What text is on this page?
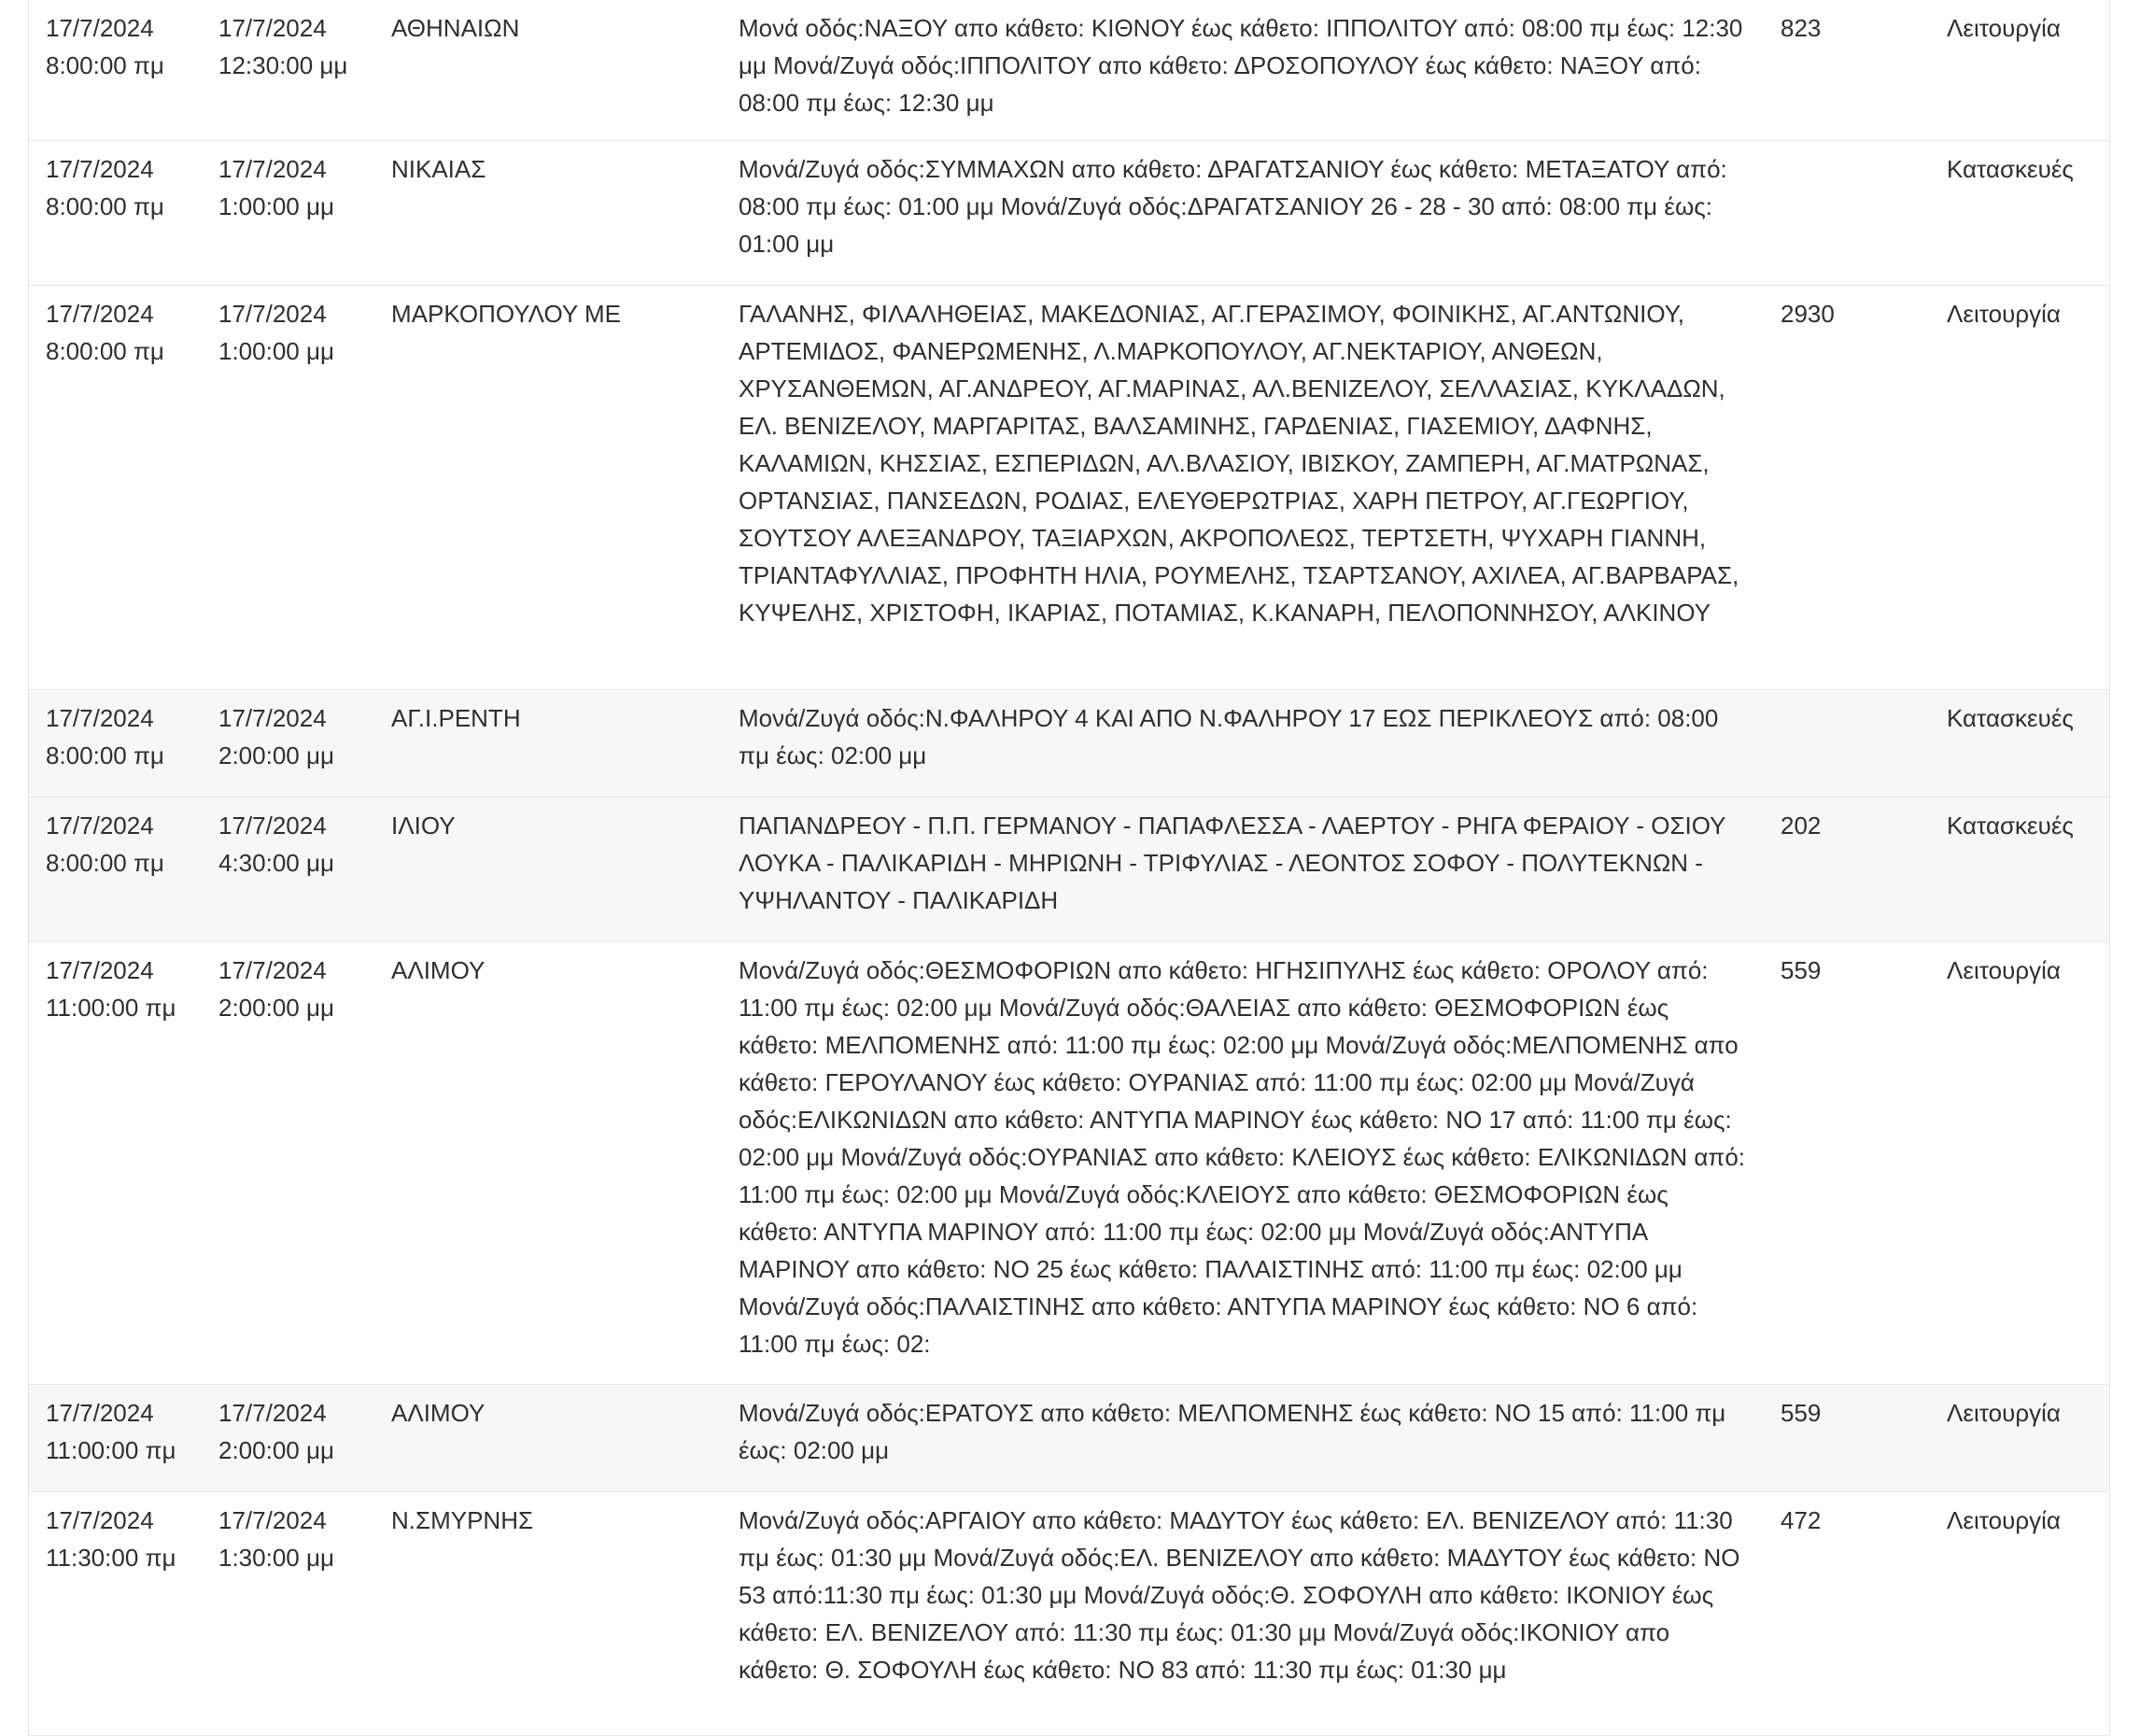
17/7/2024
8:00:00 πμ	17/7/2024
12:30:00 μμ	ΑΘΗΝΑΙΩΝ	Μονά οδός:ΝΑΞΟΥ απο κάθετο: ΚΙΘΝΟΥ έως κάθετο: ΙΠΠΟΛΙΤΟΥ από: 08:00 πμ έως: 12:30 μμ Μονά/Ζυγά οδός:ΙΠΠΟΛΙΤΟΥ απο κάθετο: ΔΡΟΣΟΠΟΥΛΟΥ έως κάθετο: ΝΑΞΟΥ από: 08:00 πμ έως: 12:30 μμ	823	Λειτουργία

17/7/2024
8:00:00 πμ	17/7/2024
1:00:00 μμ	ΝΙΚΑΙΑΣ	Μονά/Ζυγά οδός:ΣΥΜΜΑΧΩΝ απο κάθετο: ΔΡΑΓΑΤΣΑΝΙΟΥ έως κάθετο: ΜΕΤΑΞΑΤΟΥ από: 08:00 πμ έως: 01:00 μμ Μονά/Ζυγά οδός:ΔΡΑΓΑΤΣΑΝΙΟΥ 26 - 28 - 30 από: 08:00 πμ έως: 01:00 μμ		Κατασκευές

17/7/2024
8:00:00 πμ	17/7/2024
1:00:00 μμ	ΜΑΡΚΟΠΟΥΛΟΥ ΜΕ	ΓΑΛΑΝΗΣ, ΦΙΛΑΛΗΘΕΙΑΣ, ΜΑΚΕΔΟΝΙΑΣ, ΑΓ.ΓΕΡΑΣΙΜΟΥ, ΦΟΙΝΙΚΗΣ, ΑΓ.ΑΝΤΩΝΙΟΥ, ΑΡΤΕΜΙΔΟΣ, ΦΑΝΕΡΩΜΕΝΗΣ, Λ.ΜΑΡΚΟΠΟΥΛΟΥ, ΑΓ.ΝΕΚΤΑΡΙΟΥ, ΑΝΘΕΩΝ, ΧΡΥΣΑΝΘΕΜΩΝ, ΑΓ.ΑΝΔΡΕΟΥ, ΑΓ.ΜΑΡΙΝΑΣ, ΑΛ.ΒΕΝΙΖΕΛΟΥ, ΣΕΛΛΑΣΙΑΣ, ΚΥΚΛΑΔΩΝ, ΕΛ. ΒΕΝΙΖΕΛΟΥ, ΜΑΡΓΑΡΙΤΑΣ, ΒΑΛΣΑΜΙΝΗΣ, ΓΑΡΔΕΝΙΑΣ, ΓΙΑΣΕΜΙΟΥ, ΔΑΦΝΗΣ, ΚΑΛΑΜΙΩΝ, ΚΗΣΣΙΑΣ, ΕΣΠΕΡΙΔΩΝ, ΑΛ.ΒΛΑΣΙΟΥ, ΙΒΙΣΚΟΥ, ΖΑΜΠΕΡΗ, ΑΓ.ΜΑΤΡΩΝΑΣ, ΟΡΤΑΝΣΙΑΣ, ΠΑΝΣΕΔΩΝ, ΡΟΔΙΑΣ, ΕΛΕΥΘΕΡΩΤΡΙΑΣ, ΧΑΡΗ ΠΕΤΡΟΥ, ΑΓ.ΓΕΩΡΓΙΟΥ, ΣΟΥΤΣΟΥ ΑΛΕΞΑΝΔΡΟΥ, ΤΑΞΙΑΡΧΩΝ, ΑΚΡΟΠΟΛΕΩΣ, ΤΕΡΤΣΕΤΗ, ΨΥΧΑΡΗ ΓΙΑΝΝΗ, ΤΡΙΑΝΤΑΦΥΛΛΙΑΣ, ΠΡΟΦΗΤΗ ΗΛΙΑ, ΡΟΥΜΕΛΗΣ, ΤΣΑΡΤΣΑΝΟΥ, ΑΧΙΛΕΑ, ΑΓ.ΒΑΡΒΑΡΑΣ, ΚΥΨΕΛΗΣ, ΧΡΙΣΤΟΦΗ, ΙΚΑΡΙΑΣ, ΠΟΤΑΜΙΑΣ, Κ.ΚΑΝΑΡΗ, ΠΕΛΟΠΟΝΝΗΣΟΥ, ΑΛΚΙΝΟΥ	2930	Λειτουργία

17/7/2024
8:00:00 πμ	17/7/2024
2:00:00 μμ	ΑΓ.Ι.ΡΕΝΤΗ	Μονά/Ζυγά οδός:Ν.ΦΑΛΗΡΟΥ 4 ΚΑΙ ΑΠΟ Ν.ΦΑΛΗΡΟΥ 17 ΕΩΣ ΠΕΡΙΚΛΕΟΥΣ από: 08:00 πμ έως: 02:00 μμ		Κατασκευές

17/7/2024
8:00:00 πμ	17/7/2024
4:30:00 μμ	ΙΛΙΟΥ	ΠΑΠΑΝΔΡΕΟΥ - Π.Π. ΓΕΡΜΑΝΟΥ - ΠΑΠΑΦΛΕΣΣΑ - ΛΑΕΡΤΟΥ - ΡΗΓΑ ΦΕΡΑΙΟΥ - ΟΣΙΟΥ ΛΟΥΚΑ - ΠΑΛΙΚΑΡΙΔΗ - ΜΗΡΙΩΝΗ - ΤΡΙΦΥΛΙΑΣ - ΛΕΟΝΤΟΣ ΣΟΦΟΥ - ΠΟΛΥΤΕΚΝΩΝ - ΥΨΗΛΑΝΤΟΥ - ΠΑΛΙΚΑΡΙΔΗ	202	Κατασκευές

17/7/2024
11:00:00 πμ	17/7/2024
2:00:00 μμ	ΑΛΙΜΟΥ	Μονά/Ζυγά οδός:ΘΕΣΜΟΦΟΡΙΩΝ απο κάθετο: ΗΓΗΣΙΠΥΛΗΣ έως κάθετο: ΟΡΟΛΟΥ από: 11:00 πμ έως: 02:00 μμ Μονά/Ζυγά οδός:ΘΑΛΕΙΑΣ απο κάθετο: ΘΕΣΜΟΦΟΡΙΩΝ έως κάθετο: ΜΕΛΠΟΜΕΝΗΣ από: 11:00 πμ έως: 02:00 μμ Μονά/Ζυγά οδός:ΜΕΛΠΟΜΕΝΗΣ απο κάθετο: ΓΕΡΟΥΛΑΝΟΥ έως κάθετο: ΟΥΡΑΝΙΑΣ από: 11:00 πμ έως: 02:00 μμ Μονά/Ζυγά οδός:ΕΛΙΚΩΝΙΔΩΝ απο κάθετο: ΑΝΤΥΠΑ ΜΑΡΙΝΟΥ έως κάθετο: ΝΟ 17 από: 11:00 πμ έως: 02:00 μμ Μονά/Ζυγά οδός:ΟΥΡΑΝΙΑΣ απο κάθετο: ΚΛΕΙΟΥΣ έως κάθετο: ΕΛΙΚΩΝΙΔΩΝ από: 11:00 πμ έως: 02:00 μμ Μονά/Ζυγά οδός:ΚΛΕΙΟΥΣ απο κάθετο: ΘΕΣΜΟΦΟΡΙΩΝ έως κάθετο: ΑΝΤΥΠΑ ΜΑΡΙΝΟΥ από: 11:00 πμ έως: 02:00 μμ Μονά/Ζυγά οδός:ΑΝΤΥΠΑ ΜΑΡΙΝΟΥ απο κάθετο: ΝΟ 25 έως κάθετο: ΠΑΛΑΙΣΤΙΝΗΣ από: 11:00 πμ έως: 02:00 μμ Μονά/Ζυγά οδός:ΠΑΛΑΙΣΤΙΝΗΣ απο κάθετο: ΑΝΤΥΠΑ ΜΑΡΙΝΟΥ έως κάθετο: ΝΟ 6 από: 11:00 πμ έως: 02:	559	Λειτουργία

17/7/2024
11:00:00 πμ	17/7/2024
2:00:00 μμ	ΑΛΙΜΟΥ	Μονά/Ζυγά οδός:ΕΡΑΤΟΥΣ απο κάθετο: ΜΕΛΠΟΜΕΝΗΣ έως κάθετο: ΝΟ 15 από: 11:00 πμ έως: 02:00 μμ	559	Λειτουργία

17/7/2024
11:30:00 πμ	17/7/2024
1:30:00 μμ	Ν.ΣΜΥΡΝΗΣ	Μονά/Ζυγά οδός:ΑΡΓΑΙΟΥ απο κάθετο: ΜΑΔΥΤΟΥ έως κάθετο: ΕΛ. ΒΕΝΙΖΕΛΟΥ από: 11:30 πμ έως: 01:30 μμ Μονά/Ζυγά οδός:ΕΛ. ΒΕΝΙΖΕΛΟΥ απο κάθετο: ΜΑΔΥΤΟΥ έως κάθετο: ΝΟ 53 από:11:30 πμ έως: 01:30 μμ Μονά/Ζυγά οδός:Θ. ΣΟΦΟΥΛΗ απο κάθετο: ΙΚΟΝΙΟΥ έως κάθετο: ΕΛ. ΒΕΝΙΖΕΛΟΥ από: 11:30 πμ έως: 01:30 μμ Μονά/Ζυγά οδός:ΙΚΟΝΙΟΥ απο κάθετο: Θ. ΣΟΦΟΥΛΗ έως κάθετο: ΝΟ 83 από: 11:30 πμ έως: 01:30 μμ	472	Λειτουργία
